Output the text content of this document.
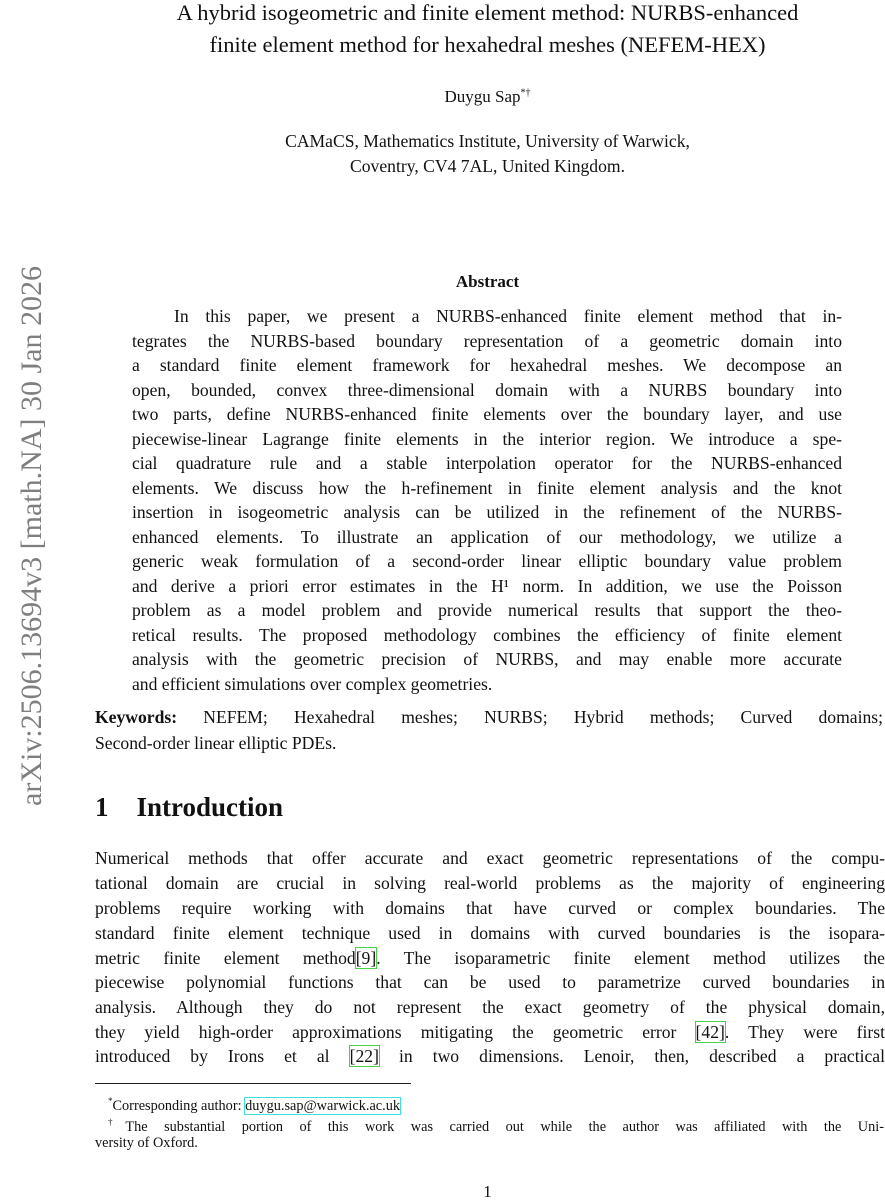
arXiv:2506.13694v3 [math.NA] 30 Jan 2026
A hybrid isogeometric and finite element method: NURBS-enhanced
finite element method for hexahedral meshes (NEFEM-HEX)
Duygu Sap*†
CAMaCS, Mathematics Institute, University of Warwick,
Coventry, CV4 7AL, United Kingdom.
Abstract
In this paper, we present a NURBS-enhanced finite element method that in-
tegrates the NURBS-based boundary representation of a geometric domain into
a standard finite element framework for hexahedral meshes. We decompose an
open, bounded, convex three-dimensional domain with a NURBS boundary into
two parts, define NURBS-enhanced finite elements over the boundary layer, and use
piecewise-linear Lagrange finite elements in the interior region. We introduce a spe-
cial quadrature rule and a stable interpolation operator for the NURBS-enhanced
elements. We discuss how the h-refinement in finite element analysis and the knot
insertion in isogeometric analysis can be utilized in the refinement of the NURBS-
enhanced elements. To illustrate an application of our methodology, we utilize a
generic weak formulation of a second-order linear elliptic boundary value problem
and derive a priori error estimates in the H¹ norm. In addition, we use the Poisson
problem as a model problem and provide numerical results that support the theo-
retical results. The proposed methodology combines the efficiency of finite element
analysis with the geometric precision of NURBS, and may enable more accurate
and efficient simulations over complex geometries.
Keywords: NEFEM; Hexahedral meshes; NURBS; Hybrid methods; Curved domains;
Second-order linear elliptic PDEs.
1 Introduction
Numerical methods that offer accurate and exact geometric representations of the compu-
tational domain are crucial in solving real-world problems as the majority of engineering
problems require working with domains that have curved or complex boundaries. The
standard finite element technique used in domains with curved boundaries is the isopara-
metric finite element method[9]. The isoparametric finite element method utilizes the
piecewise polynomial functions that can be used to parametrize curved boundaries in
analysis. Although they do not represent the exact geometry of the physical domain,
they yield high-order approximations mitigating the geometric error [42]. They were first
introduced by Irons et al [22] in two dimensions. Lenoir, then, described a practical
*Corresponding author: duygu.sap@warwick.ac.uk
†The substantial portion of this work was carried out while the author was affiliated with the Uni-
versity of Oxford.
1
